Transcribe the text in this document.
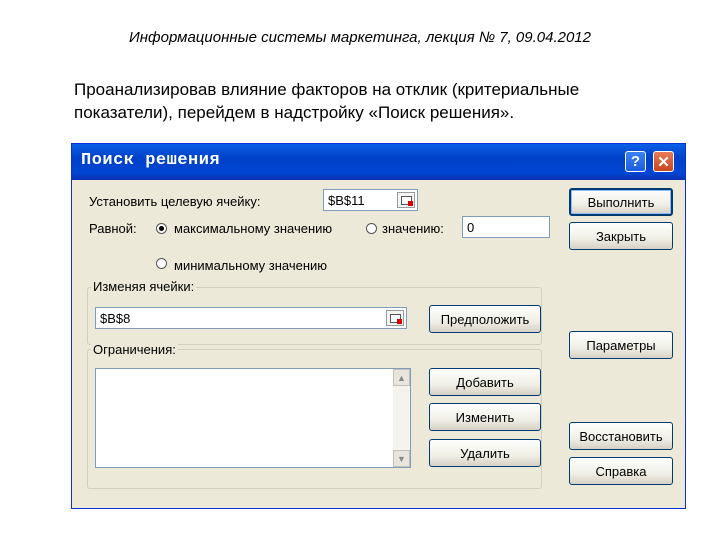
Информационные системы маркетинга, лекция № 7, 09.04.2012
Проанализировав влияние факторов на отклик (критериальные показатели), перейдем в надстройку «Поиск решения».
Поиск решения	?	✕
Установить целевую ячейку:	$B$11
Равной:	максимальному значению	значению:	0
минимальному значению
Изменяя ячейки:
$B$8	Предположить
Ограничения:
▲
▼
Добавить
Изменить
Удалить
Выполнить
Закрыть
Параметры
Восстановить
Справка
